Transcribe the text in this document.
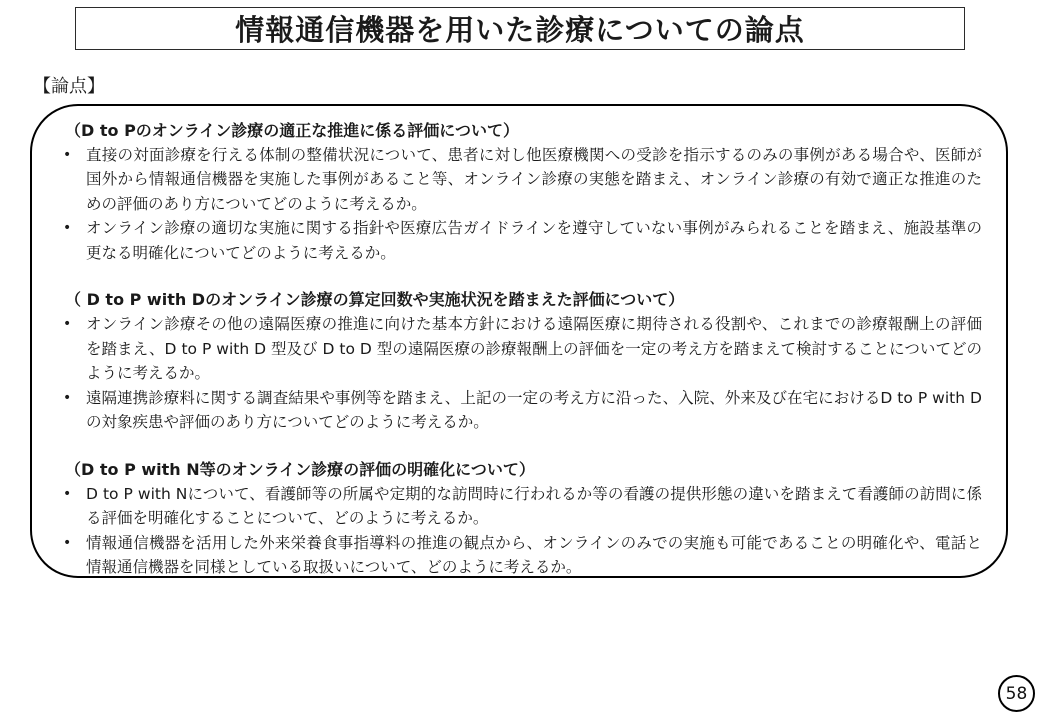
情報通信機器を用いた診療についての論点
【論点】
（D to Pのオンライン診療の適正な推進に係る評価について）
• 直接の対面診療を行える体制の整備状況について、患者に対し他医療機関への受診を指示するのみの事例がある場合や、医師が国外から情報通信機器を実施した事例があること等、オンライン診療の実態を踏まえ、オンライン診療の有効で適正な推進のための評価のあり方についてどのように考えるか。
• オンライン診療の適切な実施に関する指針や医療広告ガイドラインを遵守していない事例がみられることを踏まえ、施設基準の更なる明確化についてどのように考えるか。
（ D to P with Dのオンライン診療の算定回数や実施状況を踏まえた評価について）
• オンライン診療その他の遠隔医療の推進に向けた基本方針における遠隔医療に期待される役割や、これまでの診療報酬上の評価を踏まえ、D to P with D 型及び D to D 型の遠隔医療の診療報酬上の評価を一定の考え方を踏まえて検討することについてどのように考えるか。
• 遠隔連携診療料に関する調査結果や事例等を踏まえ、上記の一定の考え方に沿った、入院、外来及び在宅におけるD to P with Dの対象疾患や評価のあり方についてどのように考えるか。
（D to P with N等のオンライン診療の評価の明確化について）
• D to P with Nについて、看護師等の所属や定期的な訪問時に行われるか等の看護の提供形態の違いを踏まえて看護師の訪問に係る評価を明確化することについて、どのように考えるか。
• 情報通信機器を活用した外来栄養食事指導料の推進の観点から、オンラインのみでの実施も可能であることの明確化や、電話と情報通信機器を同様としている取扱いについて、どのように考えるか。
58
